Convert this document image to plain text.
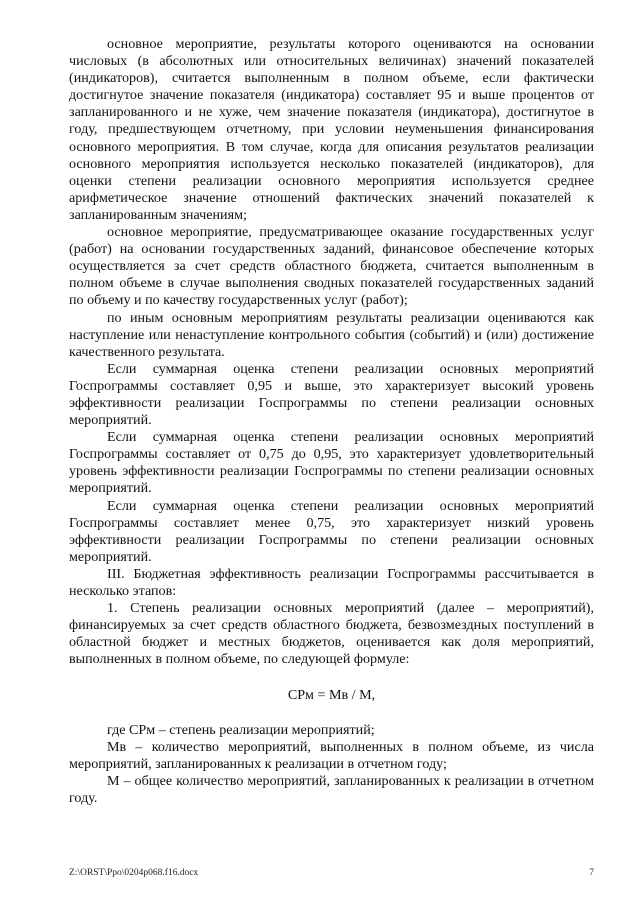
основное мероприятие, результаты которого оцениваются на основании числовых (в абсолютных или относительных величинах) значений показателей (индикаторов), считается выполненным в полном объеме, если фактически достигнутое значение показателя (индикатора) составляет 95 и выше процентов от запланированного и не хуже, чем значение показателя (индикатора), достигнутое в году, предшествующем отчетному, при условии неуменьшения финансирования основного мероприятия. В том случае, когда для описания результатов реализации основного мероприятия используется несколько показателей (индикаторов), для оценки степени реализации основного мероприятия используется среднее арифметическое значение отношений фактических значений показателей к запланированным значениям;

основное мероприятие, предусматривающее оказание государственных услуг (работ) на основании государственных заданий, финансовое обеспечение которых осуществляется за счет средств областного бюджета, считается выполненным в полном объеме в случае выполнения сводных показателей государственных заданий по объему и по качеству государственных услуг (работ);

по иным основным мероприятиям результаты реализации оцениваются как наступление или ненаступление контрольного события (событий) и (или) достижение качественного результата.

Если суммарная оценка степени реализации основных мероприятий Госпрограммы составляет 0,95 и выше, это характеризует высокий уровень эффективности реализации Госпрограммы по степени реализации основных мероприятий.

Если суммарная оценка степени реализации основных мероприятий Госпрограммы составляет от 0,75 до 0,95, это характеризует удовлетворительный уровень эффективности реализации Госпрограммы по степени реализации основных мероприятий.

Если суммарная оценка степени реализации основных мероприятий Госпрограммы составляет менее 0,75, это характеризует низкий уровень эффективности реализации Госпрограммы по степени реализации основных мероприятий.

III. Бюджетная эффективность реализации Госпрограммы рассчитывается в несколько этапов:

1. Степень реализации основных мероприятий (далее – мероприятий), финансируемых за счет средств областного бюджета, безвозмездных поступлений в областной бюджет и местных бюджетов, оценивается как доля мероприятий, выполненных в полном объеме, по следующей формуле:

СРм = Мв / М,

где СРм – степень реализации мероприятий;

Мв – количество мероприятий, выполненных в полном объеме, из числа мероприятий, запланированных к реализации в отчетном году;

М – общее количество мероприятий, запланированных к реализации в отчетном году.

Z:\ORST\Ppo\0204p068.f16.docx	7
